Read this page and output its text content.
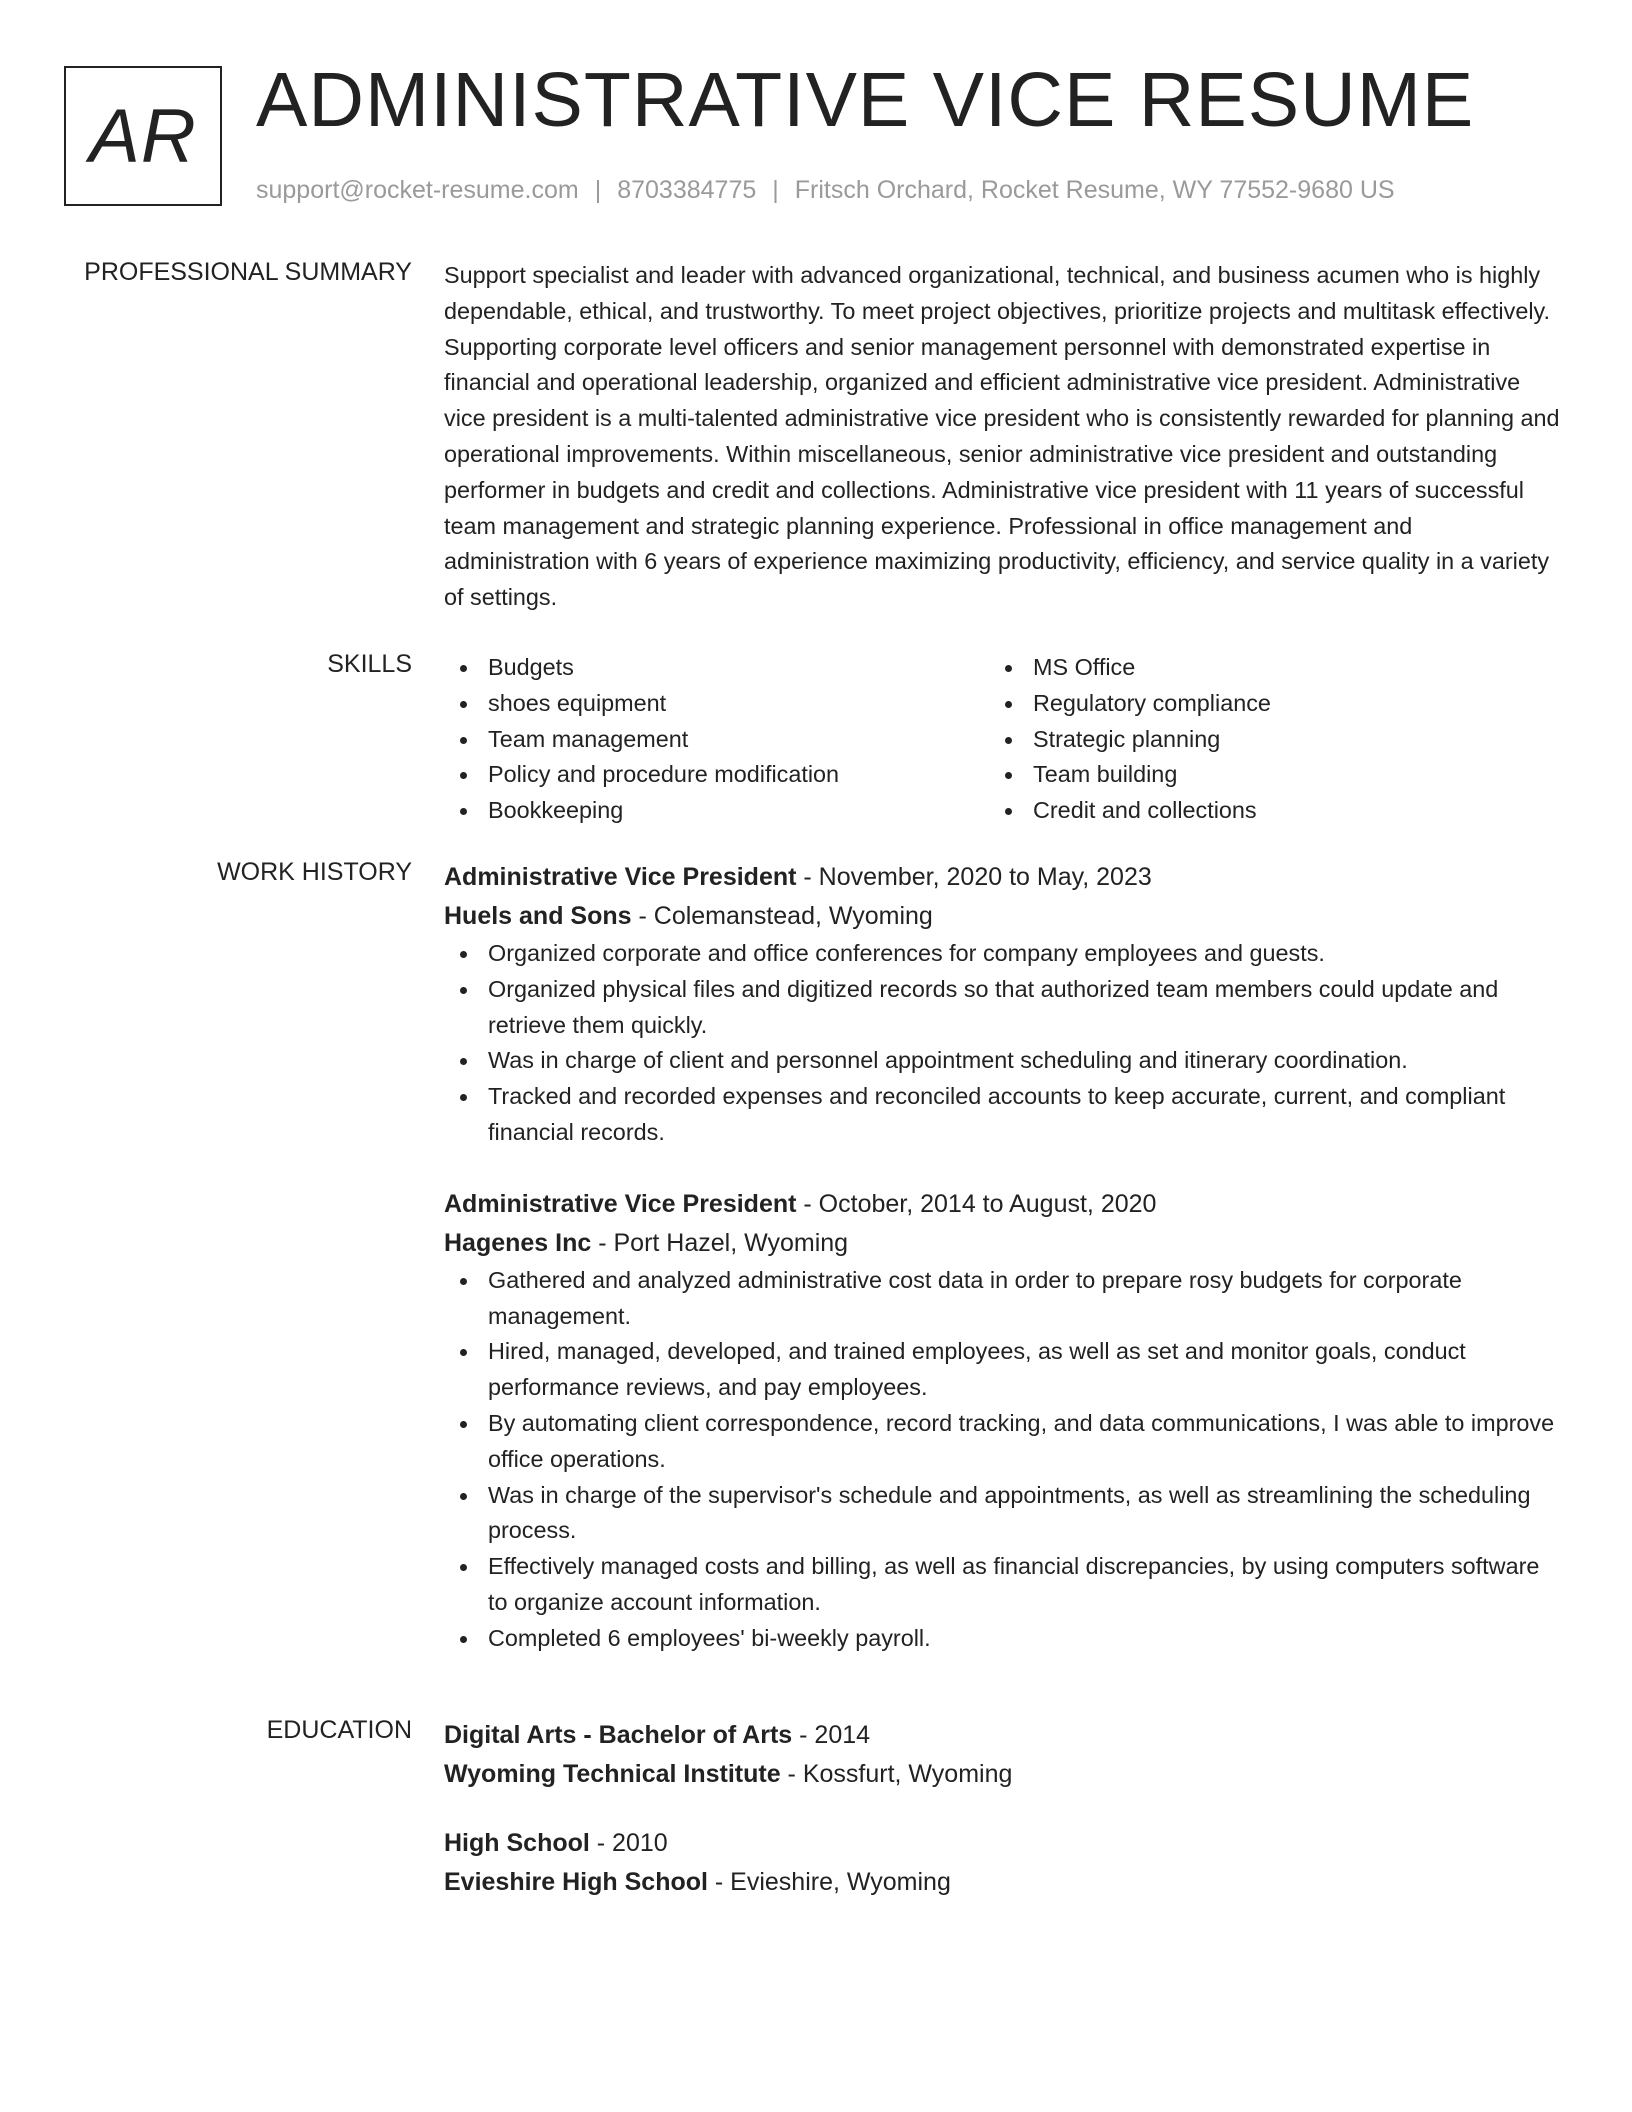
AR ADMINISTRATIVE VICE RESUME
support@rocket-resume.com | 8703384775 | Fritsch Orchard, Rocket Resume, WY 77552-9680 US
PROFESSIONAL SUMMARY Support specialist and leader with advanced organizational, technical, and business acumen who is highly dependable, ethical, and trustworthy. To meet project objectives, prioritize projects and multitask effectively. Supporting corporate level officers and senior management personnel with demonstrated expertise in financial and operational leadership, organized and efficient administrative vice president. Administrative vice president is a multi-talented administrative vice president who is consistently rewarded for planning and operational improvements. Within miscellaneous, senior administrative vice president and outstanding performer in budgets and credit and collections. Administrative vice president with 11 years of successful team management and strategic planning experience. Professional in office management and administration with 6 years of experience maximizing productivity, efficiency, and service quality in a variety of settings.

SKILLS	Budgets
shoes equipment
Team management
Policy and procedure modification
Bookkeeping
MS Office
Regulatory compliance
Strategic planning
Team building
Credit and collections
WORK HISTORY Administrative Vice President - November, 2020 to May, 2023
Huels and Sons - Colemanstead, Wyoming
Organized corporate and office conferences for company employees and guests.
Organized physical files and digitized records so that authorized team members could update and retrieve them quickly.
Was in charge of client and personnel appointment scheduling and itinerary coordination.
Tracked and recorded expenses and reconciled accounts to keep accurate, current, and compliant financial records.
Administrative Vice President - October, 2014 to August, 2020
Hagenes Inc - Port Hazel, Wyoming
Gathered and analyzed administrative cost data in order to prepare rosy budgets for corporate management.
Hired, managed, developed, and trained employees, as well as set and monitor goals, conduct performance reviews, and pay employees.
By automating client correspondence, record tracking, and data communications, I was able to improve office operations.
Was in charge of the supervisor's schedule and appointments, as well as streamlining the scheduling process.
Effectively managed costs and billing, as well as financial discrepancies, by using computers software to organize account information.
Completed 6 employees' bi-weekly payroll.
EDUCATION Digital Arts - Bachelor of Arts - 2014
Wyoming Technical Institute - Kossfurt, Wyoming
High School - 2010
Evieshire High School - Evieshire, Wyoming
